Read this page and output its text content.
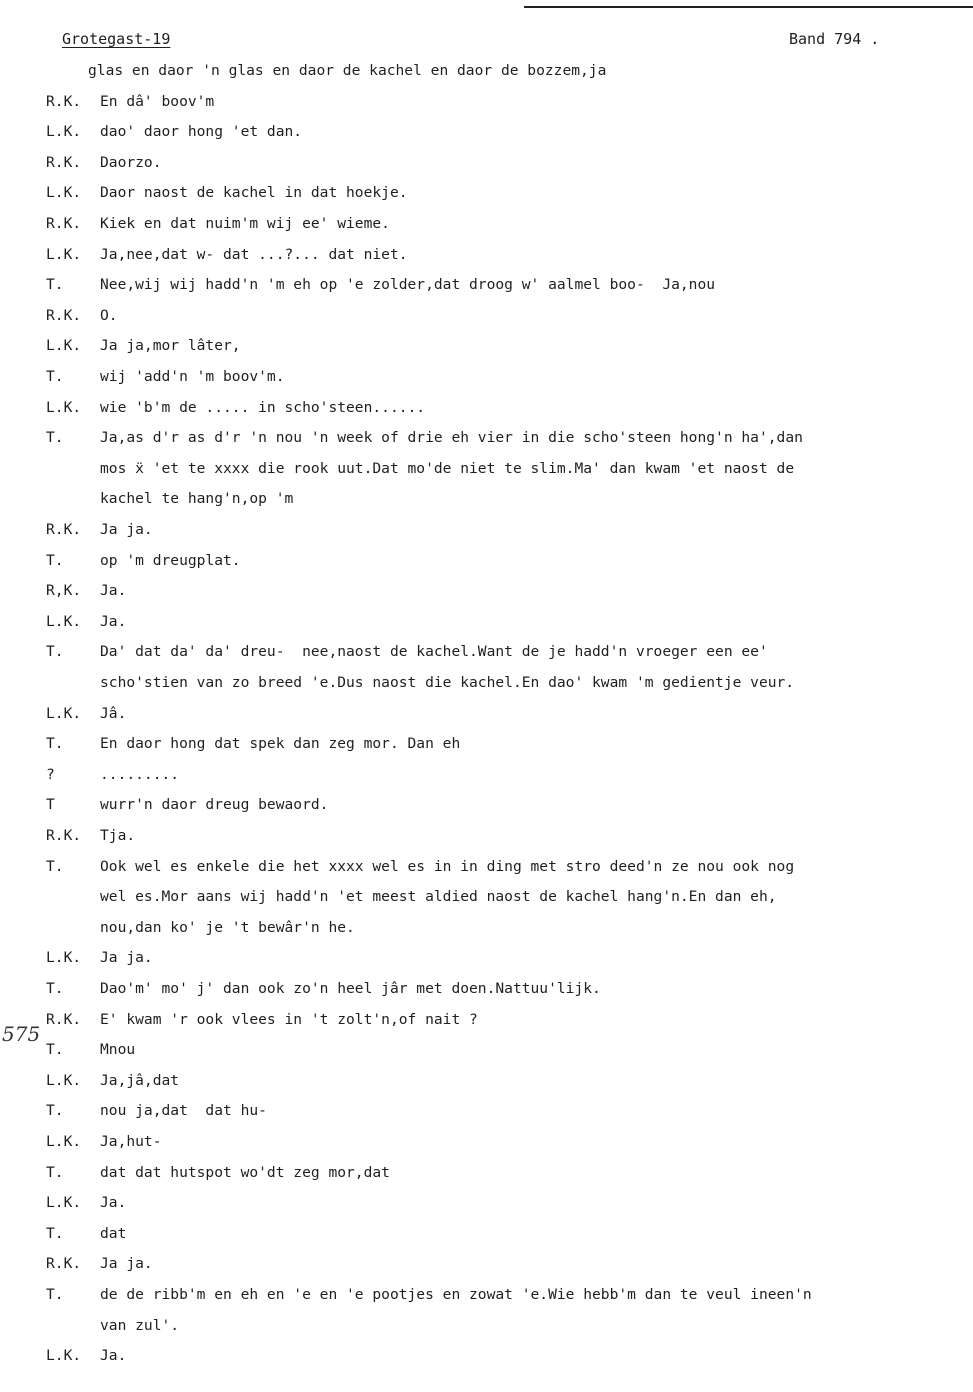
Grotegast-19	Band 794 .
575
glas en daor 'n glas en daor de kachel en daor de bozzem,ja
R.K. En dâ' boov'm
L.K. dao' daor hong 'et dan.
R.K. Daorzo.
L.K. Daor naost de kachel in dat hoekje.
R.K. Kiek en dat nuim'm wij ee' wieme.
L.K. Ja,nee,dat w- dat ...?... dat niet.
T. Nee,wij wij hadd'n 'm eh op 'e zolder,dat droog w' aalmel boo-  Ja,nou
R.K. O.
L.K. Ja ja,mor lâter,
T. wij 'add'n 'm boov'm.
L.K. wie 'b'm de ..... in scho'steen......
T. Ja,as d'r as d'r 'n nou 'n week of drie eh vier in die scho'steen hong'n ha',dan
mos ẍ 'et te xxxx die rook uut.Dat mo'de niet te slim.Ma' dan kwam 'et naost de
kachel te hang'n,op 'm
R.K. Ja ja.
T. op 'm dreugplat.
R,K. Ja.
L.K. Ja.
T. Da' dat da' da' dreu-  nee,naost de kachel.Want de je hadd'n vroeger een ee'
scho'stien van zo breed 'e.Dus naost die kachel.En dao' kwam 'm gedientje veur.
L.K. Jâ.
T. En daor hong dat spek dan zeg mor. Dan eh
?	.........
T	wurr'n daor dreug bewaord.
R.K. Tja.
T. Ook wel es enkele die het xxxx wel es in in ding met stro deed'n ze nou ook nog
wel es.Mor aans wij hadd'n 'et meest aldied naost de kachel hang'n.En dan eh,
nou,dan ko' je 't bewâr'n he.
L.K. Ja ja.
T. Dao'm' mo' j' dan ook zo'n heel jâr met doen.Nattuu'lijk.
R.K. E' kwam 'r ook vlees in 't zolt'n,of nait ?
T. Mnou
L.K. Ja,jâ,dat
T. nou ja,dat  dat hu-
L.K. Ja,hut-
T. dat dat hutspot wo'dt zeg mor,dat
L.K. Ja.
T. dat
R.K. Ja ja.
T. de de ribb'm en eh en 'e en 'e pootjes en zowat 'e.Wie hebb'm dan te veul ineen'n
van zul'.
L.K. Ja.
